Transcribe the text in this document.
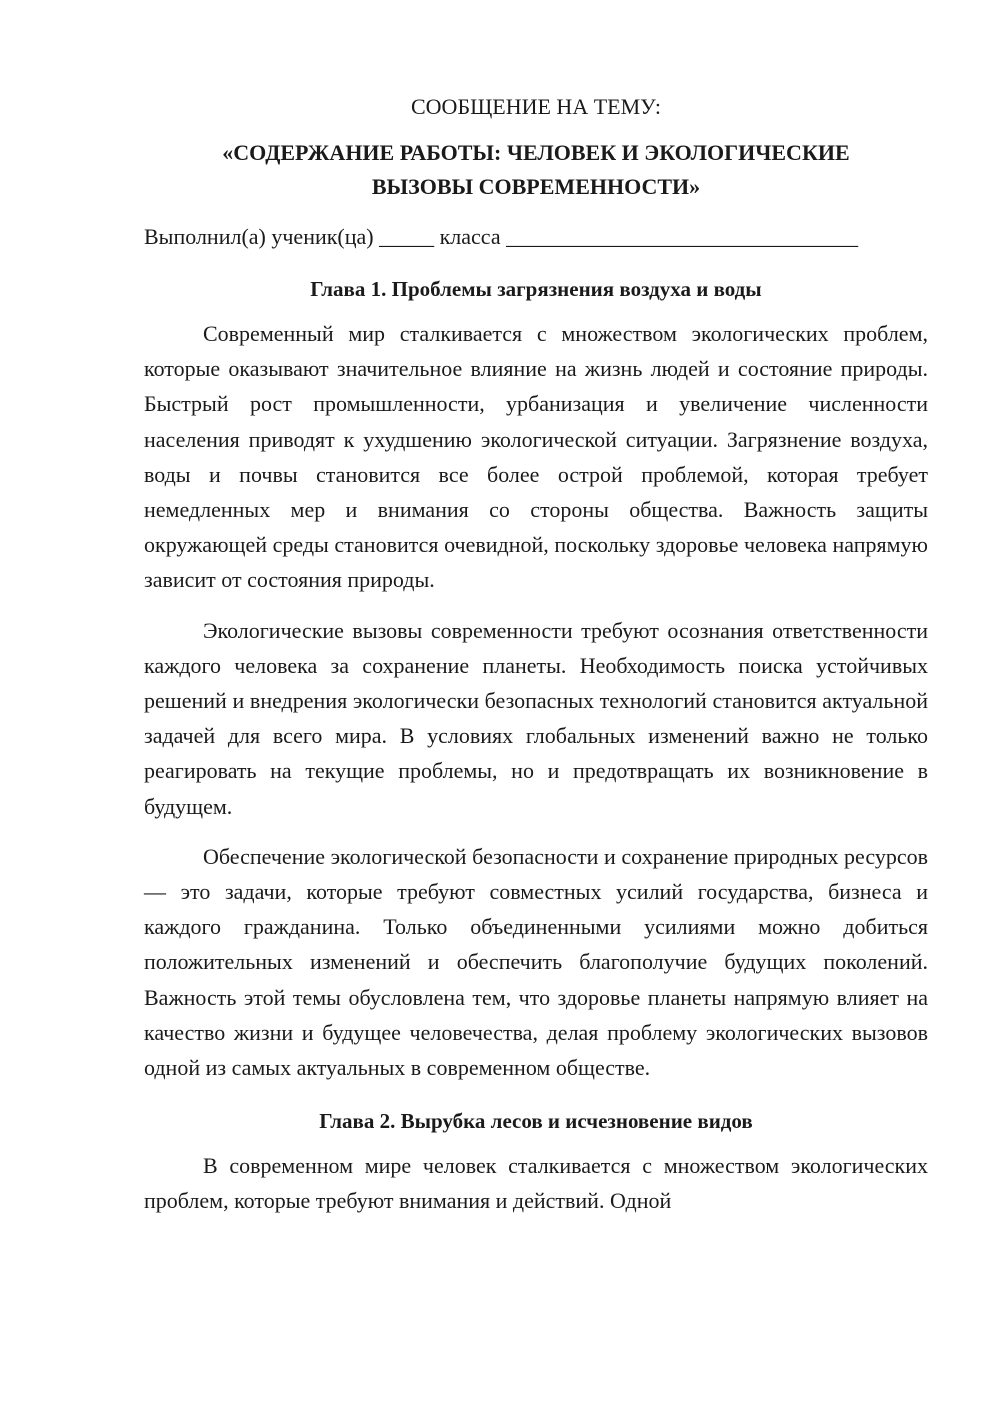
СООБЩЕНИЕ НА ТЕМУ:

«СОДЕРЖАНИЕ РАБОТЫ: ЧЕЛОВЕК И ЭКОЛОГИЧЕСКИЕ
ВЫЗОВЫ СОВРЕМЕННОСТИ»

Выполнил(а) ученик(ца) _____ класса ________________________________

Глава 1. Проблемы загрязнения воздуха и воды

Современный мир сталкивается с множеством экологических проблем, которые оказывают значительное влияние на жизнь людей и состояние природы. Быстрый рост промышленности, урбанизация и увеличение численности населения приводят к ухудшению экологической ситуации. Загрязнение воздуха, воды и почвы становится все более острой проблемой, которая требует немедленных мер и внимания со стороны общества. Важность защиты окружающей среды становится очевидной, поскольку здоровье человека напрямую зависит от состояния природы.

Экологические вызовы современности требуют осознания ответственности каждого человека за сохранение планеты. Необходимость поиска устойчивых решений и внедрения экологически безопасных технологий становится актуальной задачей для всего мира. В условиях глобальных изменений важно не только реагировать на текущие проблемы, но и предотвращать их возникновение в будущем.

Обеспечение экологической безопасности и сохранение природных ресурсов — это задачи, которые требуют совместных усилий государства, бизнеса и каждого гражданина. Только объединенными усилиями можно добиться положительных изменений и обеспечить благополучие будущих поколений. Важность этой темы обусловлена тем, что здоровье планеты напрямую влияет на качество жизни и будущее человечества, делая проблему экологических вызовов одной из самых актуальных в современном обществе.

Глава 2. Вырубка лесов и исчезновение видов

В современном мире человек сталкивается с множеством экологических проблем, которые требуют внимания и действий. Одной
